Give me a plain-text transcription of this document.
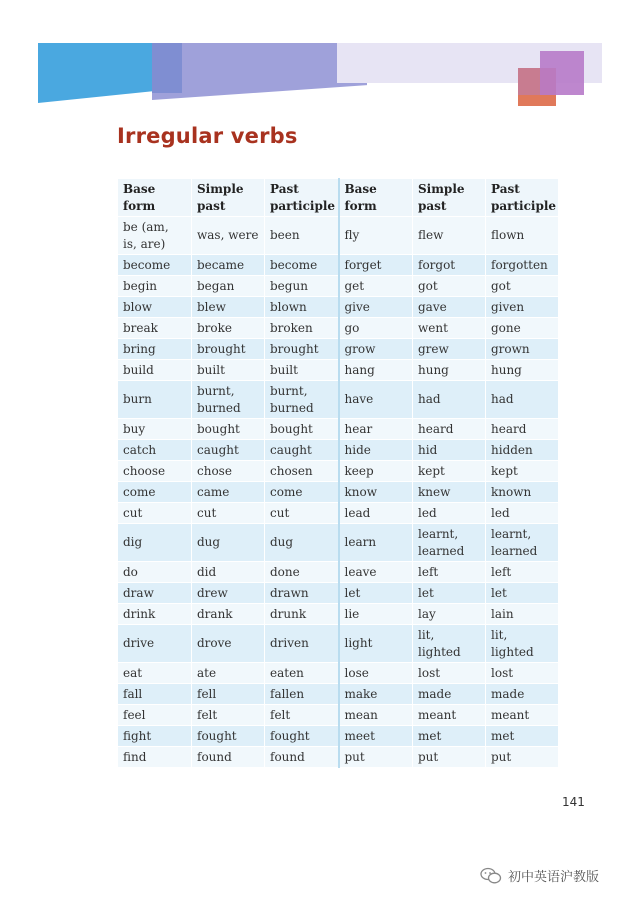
Irregular verbs
Base form	Simple past	Past participle	Base form	Simple past	Past participle
be (am, is, are)	was, were	been	fly	flew	flown
become	became	become	forget	forgot	forgotten
begin	began	begun	get	got	got
blow	blew	blown	give	gave	given
break	broke	broken	go	went	gone
bring	brought	brought	grow	grew	grown
build	built	built	hang	hung	hung
burn	burnt, burned	burnt, burned	have	had	had
buy	bought	bought	hear	heard	heard
catch	caught	caught	hide	hid	hidden
choose	chose	chosen	keep	kept	kept
come	came	come	know	knew	known
cut	cut	cut	lead	led	led
dig	dug	dug	learn	learnt, learned	learnt, learned
do	did	done	leave	left	left
draw	drew	drawn	let	let	let
drink	drank	drunk	lie	lay	lain
drive	drove	driven	light	lit, lighted	lit, lighted
eat	ate	eaten	lose	lost	lost
fall	fell	fallen	make	made	made
feel	felt	felt	mean	meant	meant
fight	fought	fought	meet	met	met
find	found	found	put	put	put
141
初中英语沪教版
